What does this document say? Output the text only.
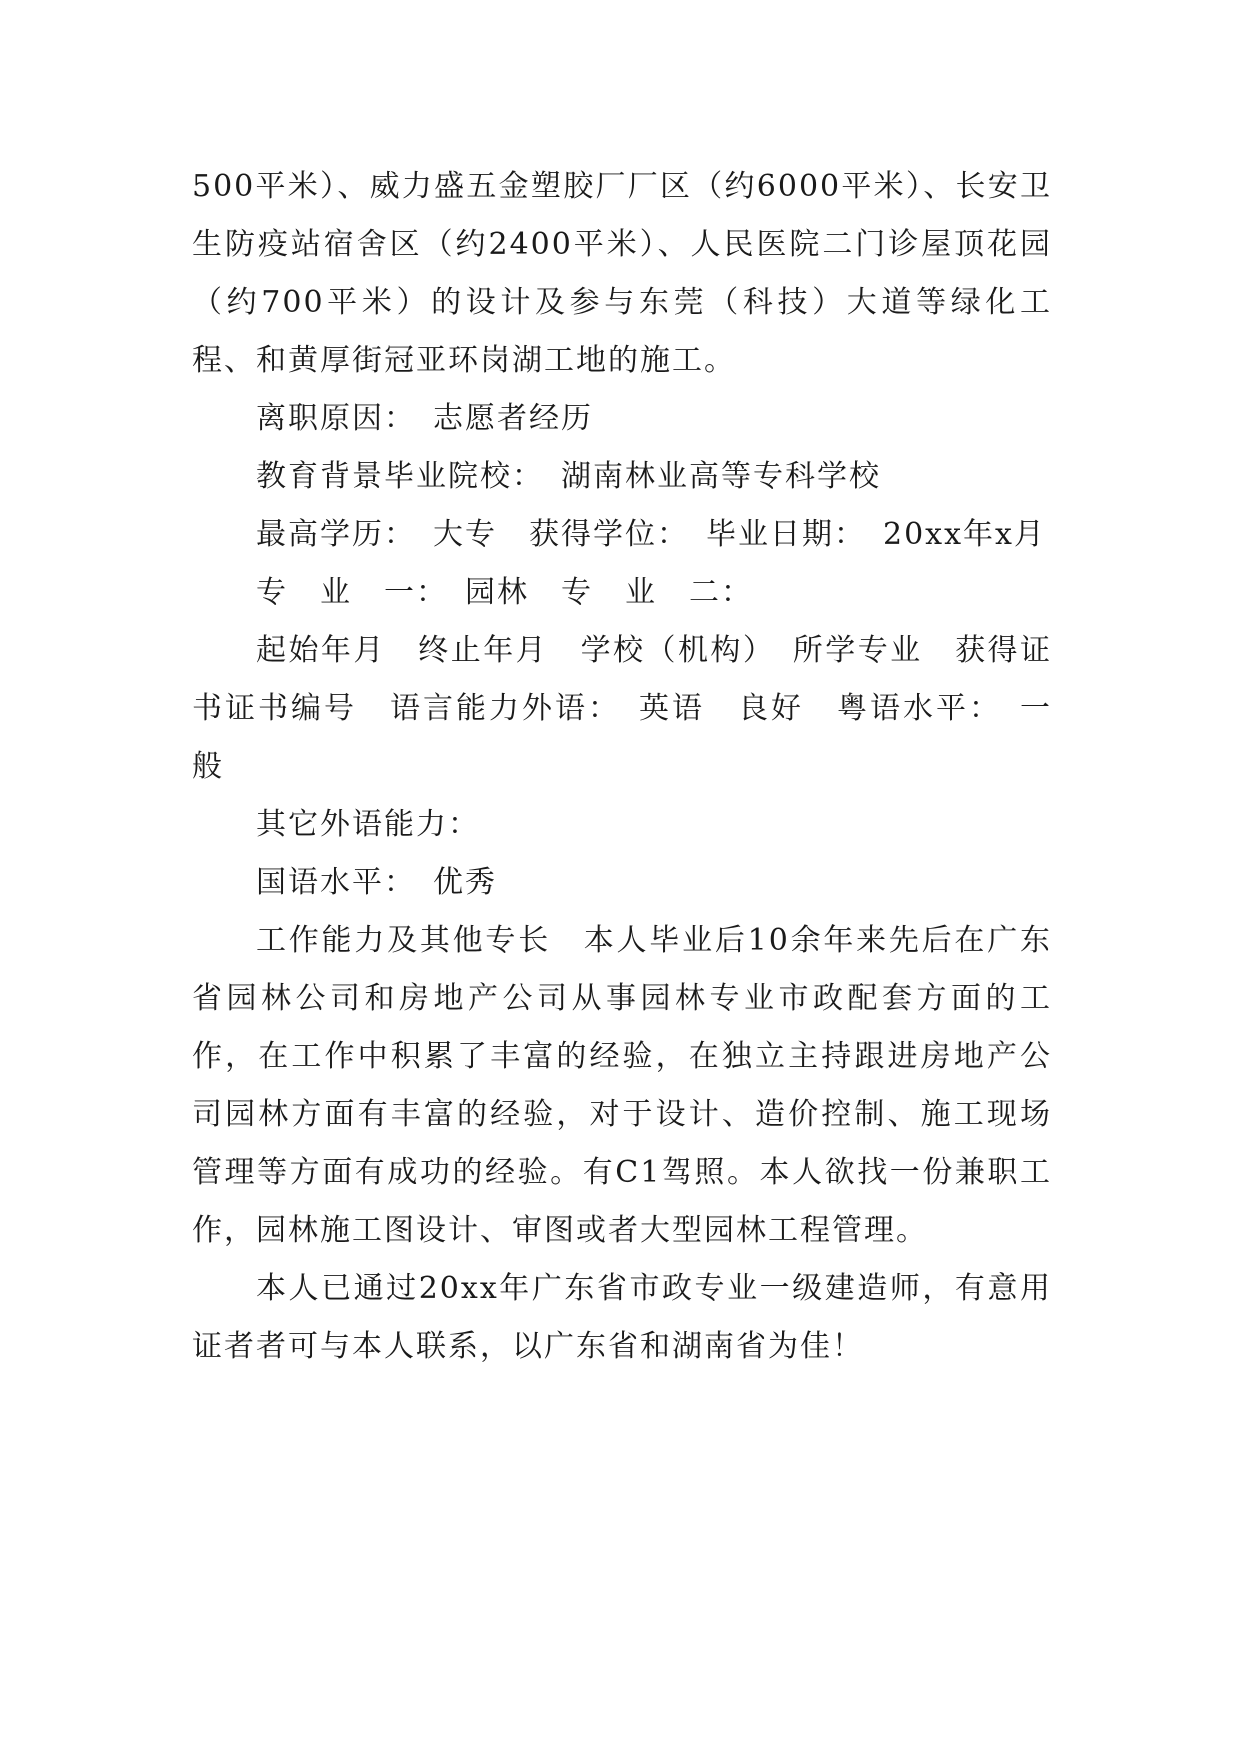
500平米）、威力盛五金塑胶厂厂区（约6000平米）、长安卫生防疫站宿舍区（约2400平米）、人民医院二门诊屋顶花园（约700平米）的设计及参与东莞（科技）大道等绿化工程、和黄厚街冠亚环岗湖工地的施工。

离职原因：　志愿者经历

教育背景毕业院校：　湖南林业高等专科学校

最高学历：　大专　获得学位：　毕业日期：　20xx年x月

专　业　一：　园林　专　业　二：

起始年月　终止年月　学校（机构）　所学专业　获得证书证书编号　语言能力外语：　英语　良好　粤语水平：　一般

其它外语能力：

国语水平：　优秀

工作能力及其他专长　本人毕业后10余年来先后在广东省园林公司和房地产公司从事园林专业市政配套方面的工作，在工作中积累了丰富的经验，在独立主持跟进房地产公司园林方面有丰富的经验，对于设计、造价控制、施工现场管理等方面有成功的经验。有C1驾照。本人欲找一份兼职工作，园林施工图设计、审图或者大型园林工程管理。

本人已通过20xx年广东省市政专业一级建造师，有意用证者者可与本人联系，以广东省和湖南省为佳！
